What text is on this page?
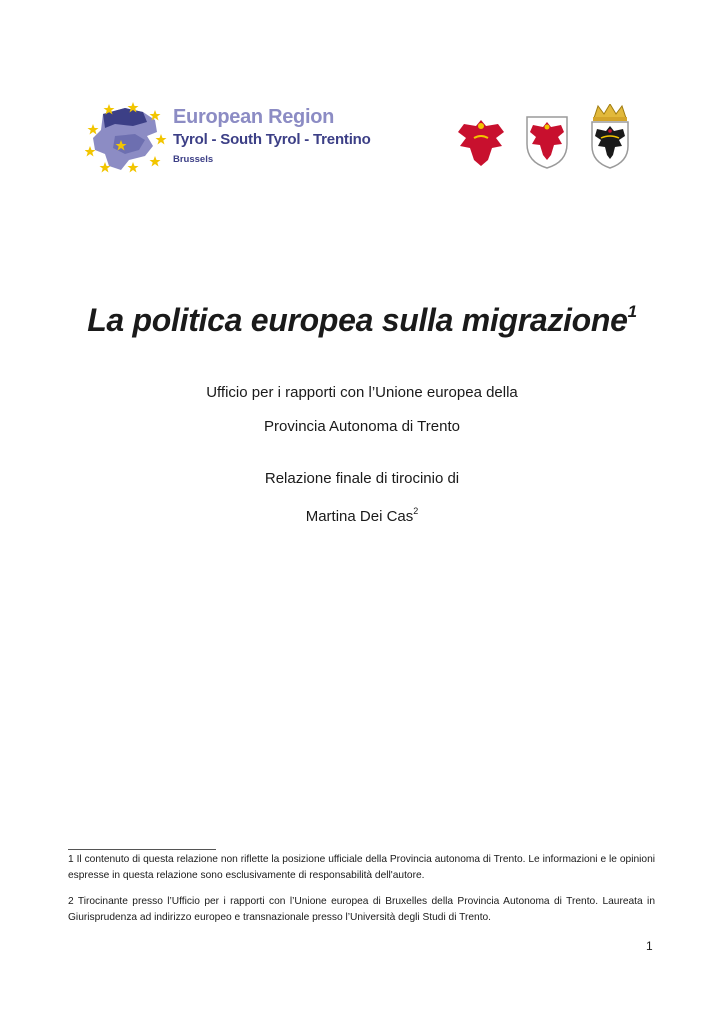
European Region
Tyrol - South Tyrol - Trentino
Brussels
La politica europea sulla migrazione$^1$
Ufficio per i rapporti con l’Unione europea della
Provincia Autonoma di Trento
Relazione finale di tirocinio di
Martina Dei Cas$^2$
1 Il contenuto di questa relazione non riflette la posizione ufficiale della Provincia autonoma di Trento. Le informazioni e le opinioni espresse in questa relazione sono esclusivamente di responsabilità dell'autore.
2 Tirocinante presso l’Ufficio per i rapporti con l’Unione europea di Bruxelles della Provincia Autonoma di Trento. Laureata in Giurisprudenza ad indirizzo europeo e transnazionale presso l’Università degli Studi di Trento.
1
